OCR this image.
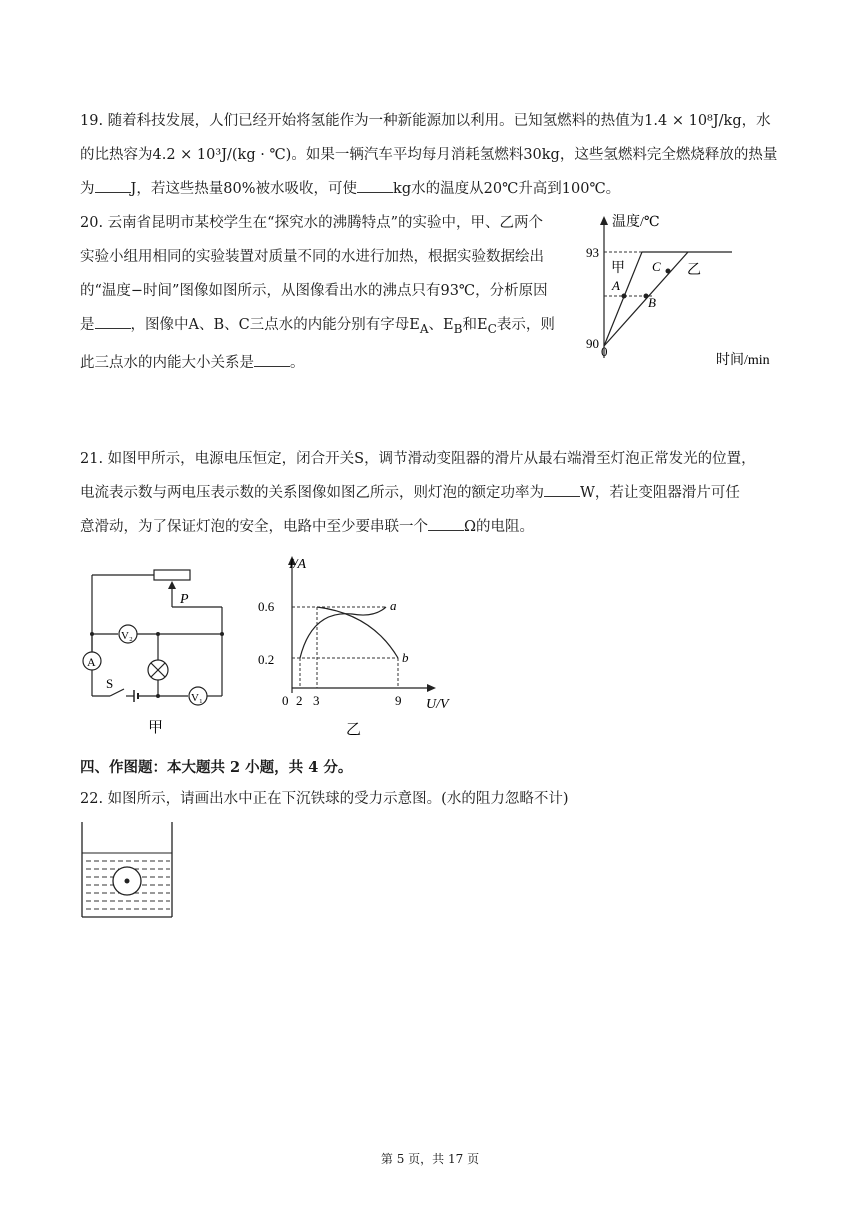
19. 随着科技发展，人们已经开始将氢能作为一种新能源加以利用。已知氢燃料的热值为1.4 × 10⁸J/kg，水
的比热容为4.2 × 10³J/(kg · ℃)。如果一辆汽车平均每月消耗氢燃料30kg，这些氢燃料完全燃烧释放的热量
为 J，若这些热量80%被水吸收，可使 kg水的温度从20℃升高到100℃。
20. 云南省昆明市某校学生在“探究水的沸腾特点”的实验中，甲、乙两个
实验小组用相同的实验装置对质量不同的水进行加热，根据实验数据绘出
的“温度−时间”图像如图所示，从图像看出水的沸点只有93℃，分析原因
是 ，图像中A、B、C三点水的内能分别有字母$E_A$、$E_B$和$E_C$表示，则
此三点水的内能大小关系是 。
温度/℃
93
90
0
时间/min
A
B
C
甲	乙
21. 如图甲所示，电源电压恒定，闭合开关S，调节滑动变阻器的滑片从最右端滑至灯泡正常发光的位置，
电流表示数与两电压表示数的关系图像如图乙所示，则灯泡的额定功率为 W，若让变阻器滑片可任
意滑动，为了保证灯泡的安全，电路中至少要串联一个 Ω的电阻。
P
V₂
A
S
V₁
甲
I/A
U/V
0.6
0.2
0 2 3	9
a
b
乙
四、作图题：本大题共 2 小题，共 4 分。
22. 如图所示，请画出水中正在下沉铁球的受力示意图。(水的阻力忽略不计)
第 5 页，共 17 页
